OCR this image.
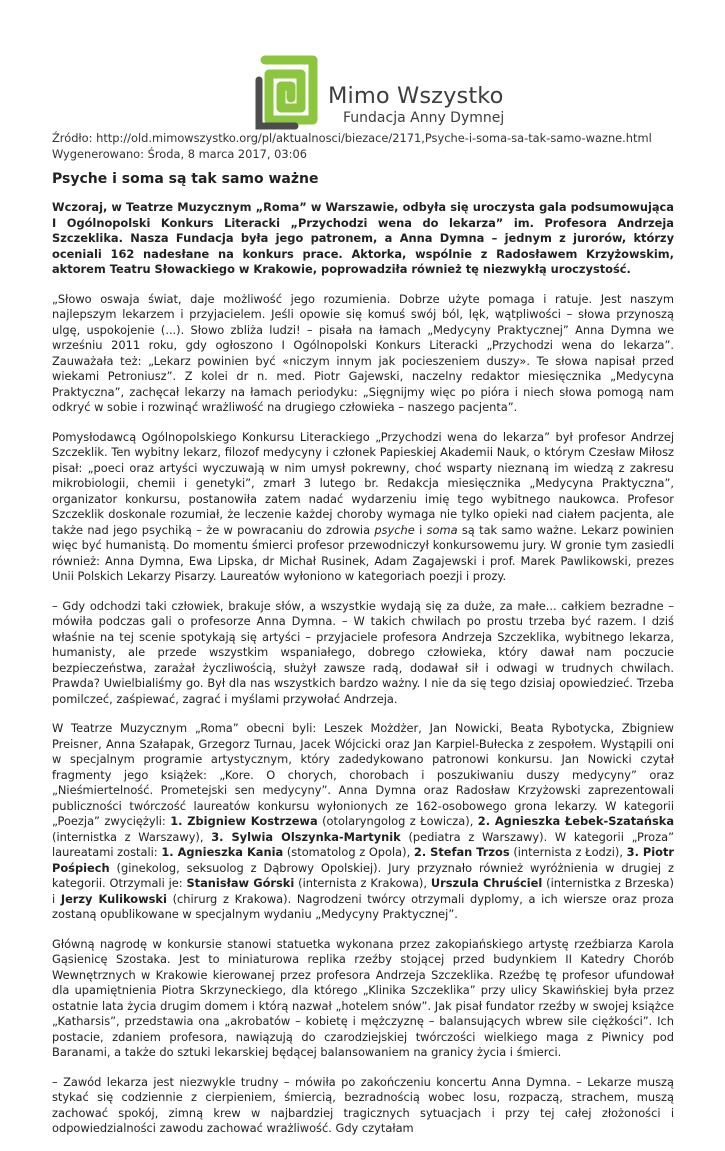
Mimo Wszystko
Fundacja Anny Dymnej
Źródło: http://old.mimowszystko.org/pl/aktualnosci/biezace/2171,Psyche-i-soma-sa-tak-samo-wazne.html
Wygenerowano: Środa, 8 marca 2017, 03:06
Psyche i soma są tak samo ważne

Wczoraj, w Teatrze Muzycznym „Roma” w Warszawie, odbyła się uroczysta gala podsumowująca I Ogólnopolski Konkurs Literacki „Przychodzi wena do lekarza” im. Profesora Andrzeja Szczeklika. Nasza Fundacja była jego patronem, a Anna Dymna – jednym z jurorów, którzy oceniali 162 nadesłane na konkurs prace. Aktorka, wspólnie z Radosławem Krzyżowskim, aktorem Teatru Słowackiego w Krakowie, poprowadziła również tę niezwykłą uroczystość.

„Słowo oswaja świat, daje możliwość jego rozumienia. Dobrze użyte pomaga i ratuje. Jest naszym najlepszym lekarzem i przyjacielem. Jeśli opowie się komuś swój ból, lęk, wątpliwości – słowa przynoszą ulgę, uspokojenie (...). Słowo zbliża ludzi! – pisała na łamach „Medycyny Praktycznej” Anna Dymna we wrześniu 2011 roku, gdy ogłoszono I Ogólnopolski Konkurs Literacki „Przychodzi wena do lekarza”. Zauważała też: „Lekarz powinien być «niczym innym jak pocieszeniem duszy». Te słowa napisał przed wiekami Petroniusz”. Z kolei dr n. med. Piotr Gajewski, naczelny redaktor miesięcznika „Medycyna Praktyczna”, zachęcał lekarzy na łamach periodyku: „Sięgnijmy więc po pióra i niech słowa pomogą nam odkryć w sobie i rozwinąć wrażliwość na drugiego człowieka – naszego pacjenta”.

Pomysłodawcą Ogólnopolskiego Konkursu Literackiego „Przychodzi wena do lekarza” był profesor Andrzej Szczeklik. Ten wybitny lekarz, filozof medycyny i członek Papieskiej Akademii Nauk, o którym Czesław Miłosz pisał: „poeci oraz artyści wyczuwają w nim umysł pokrewny, choć wsparty nieznaną im wiedzą z zakresu mikrobiologii, chemii i genetyki”, zmarł 3 lutego br. Redakcja miesięcznika „Medycyna Praktyczna”, organizator konkursu, postanowiła zatem nadać wydarzeniu imię tego wybitnego naukowca. Profesor Szczeklik doskonale rozumiał, że leczenie każdej choroby wymaga nie tylko opieki nad ciałem pacjenta, ale także nad jego psychiką – że w powracaniu do zdrowia psyche i soma są tak samo ważne. Lekarz powinien więc być humanistą. Do momentu śmierci profesor przewodniczył konkursowemu jury. W gronie tym zasiedli również: Anna Dymna, Ewa Lipska, dr Michał Rusinek, Adam Zagajewski i prof. Marek Pawlikowski, prezes Unii Polskich Lekarzy Pisarzy. Laureatów wyłoniono w kategoriach poezji i prozy.

– Gdy odchodzi taki człowiek, brakuje słów, a wszystkie wydają się za duże, za małe... całkiem bezradne – mówiła podczas gali o profesorze Anna Dymna. – W takich chwilach po prostu trzeba być razem. I dziś właśnie na tej scenie spotykają się artyści – przyjaciele profesora Andrzeja Szczeklika, wybitnego lekarza, humanisty, ale przede wszystkim wspaniałego, dobrego człowieka, który dawał nam poczucie bezpieczeństwa, zarażał życzliwością, służył zawsze radą, dodawał sił i odwagi w trudnych chwilach. Prawda? Uwielbialiśmy go. Był dla nas wszystkich bardzo ważny. I nie da się tego dzisiaj opowiedzieć. Trzeba pomilczeć, zaśpiewać, zagrać i myślami przywołać Andrzeja.

W Teatrze Muzycznym „Roma” obecni byli: Leszek Możdżer, Jan Nowicki, Beata Rybotycka, Zbigniew Preisner, Anna Szałapak, Grzegorz Turnau, Jacek Wójcicki oraz Jan Karpiel-Bułecka z zespołem. Wystąpili oni w specjalnym programie artystycznym, który zadedykowano patronowi konkursu. Jan Nowicki czytał fragmenty jego książek: „Kore. O chorych, chorobach i poszukiwaniu duszy medycyny” oraz „Nieśmiertelność. Prometejski sen medycyny”. Anna Dymna oraz Radosław Krzyżowski zaprezentowali publiczności twórczość laureatów konkursu wyłonionych ze 162-osobowego grona lekarzy. W kategorii „Poezja” zwyciężyli: 1. Zbigniew Kostrzewa (otolaryngolog z Łowicza), 2. Agnieszka Łebek-Szatańska (internistka z Warszawy), 3. Sylwia Olszynka-Martynik (pediatra z Warszawy). W kategorii „Proza” laureatami zostali: 1. Agnieszka Kania (stomatolog z Opola), 2. Stefan Trzos (internista z Łodzi), 3. Piotr Pośpiech (ginekolog, seksuolog z Dąbrowy Opolskiej). Jury przyznało również wyróżnienia w drugiej z kategorii. Otrzymali je: Stanisław Górski (internista z Krakowa), Urszula Chruściel (internistka z Brzeska) i Jerzy Kulikowski (chirurg z Krakowa). Nagrodzeni twórcy otrzymali dyplomy, a ich wiersze oraz proza zostaną opublikowane w specjalnym wydaniu „Medycyny Praktycznej”.

Główną nagrodę w konkursie stanowi statuetka wykonana przez zakopiańskiego artystę rzeźbiarza Karola Gąsienicę Szostaka. Jest to miniaturowa replika rzeźby stojącej przed budynkiem II Katedry Chorób Wewnętrznych w Krakowie kierowanej przez profesora Andrzeja Szczeklika. Rzeźbę tę profesor ufundował dla upamiętnienia Piotra Skrzyneckiego, dla którego „Klinika Szczeklika” przy ulicy Skawińskiej była przez ostatnie lata życia drugim domem i którą nazwał „hotelem snów”. Jak pisał fundator rzeźby w swojej książce „Katharsis”, przedstawia ona „akrobatów – kobietę i mężczyznę – balansujących wbrew sile ciężkości”. Ich postacie, zdaniem profesora, nawiązują do czarodziejskiej twórczości wielkiego maga z Piwnicy pod Baranami, a także do sztuki lekarskiej będącej balansowaniem na granicy życia i śmierci.

– Zawód lekarza jest niezwykle trudny – mówiła po zakończeniu koncertu Anna Dymna. – Lekarze muszą stykać się codziennie z cierpieniem, śmiercią, bezradnością wobec losu, rozpaczą, strachem, muszą zachować spokój, zimną krew w najbardziej tragicznych sytuacjach i przy tej całej złożoności i odpowiedzialności zawodu zachować wrażliwość. Gdy czytałam
